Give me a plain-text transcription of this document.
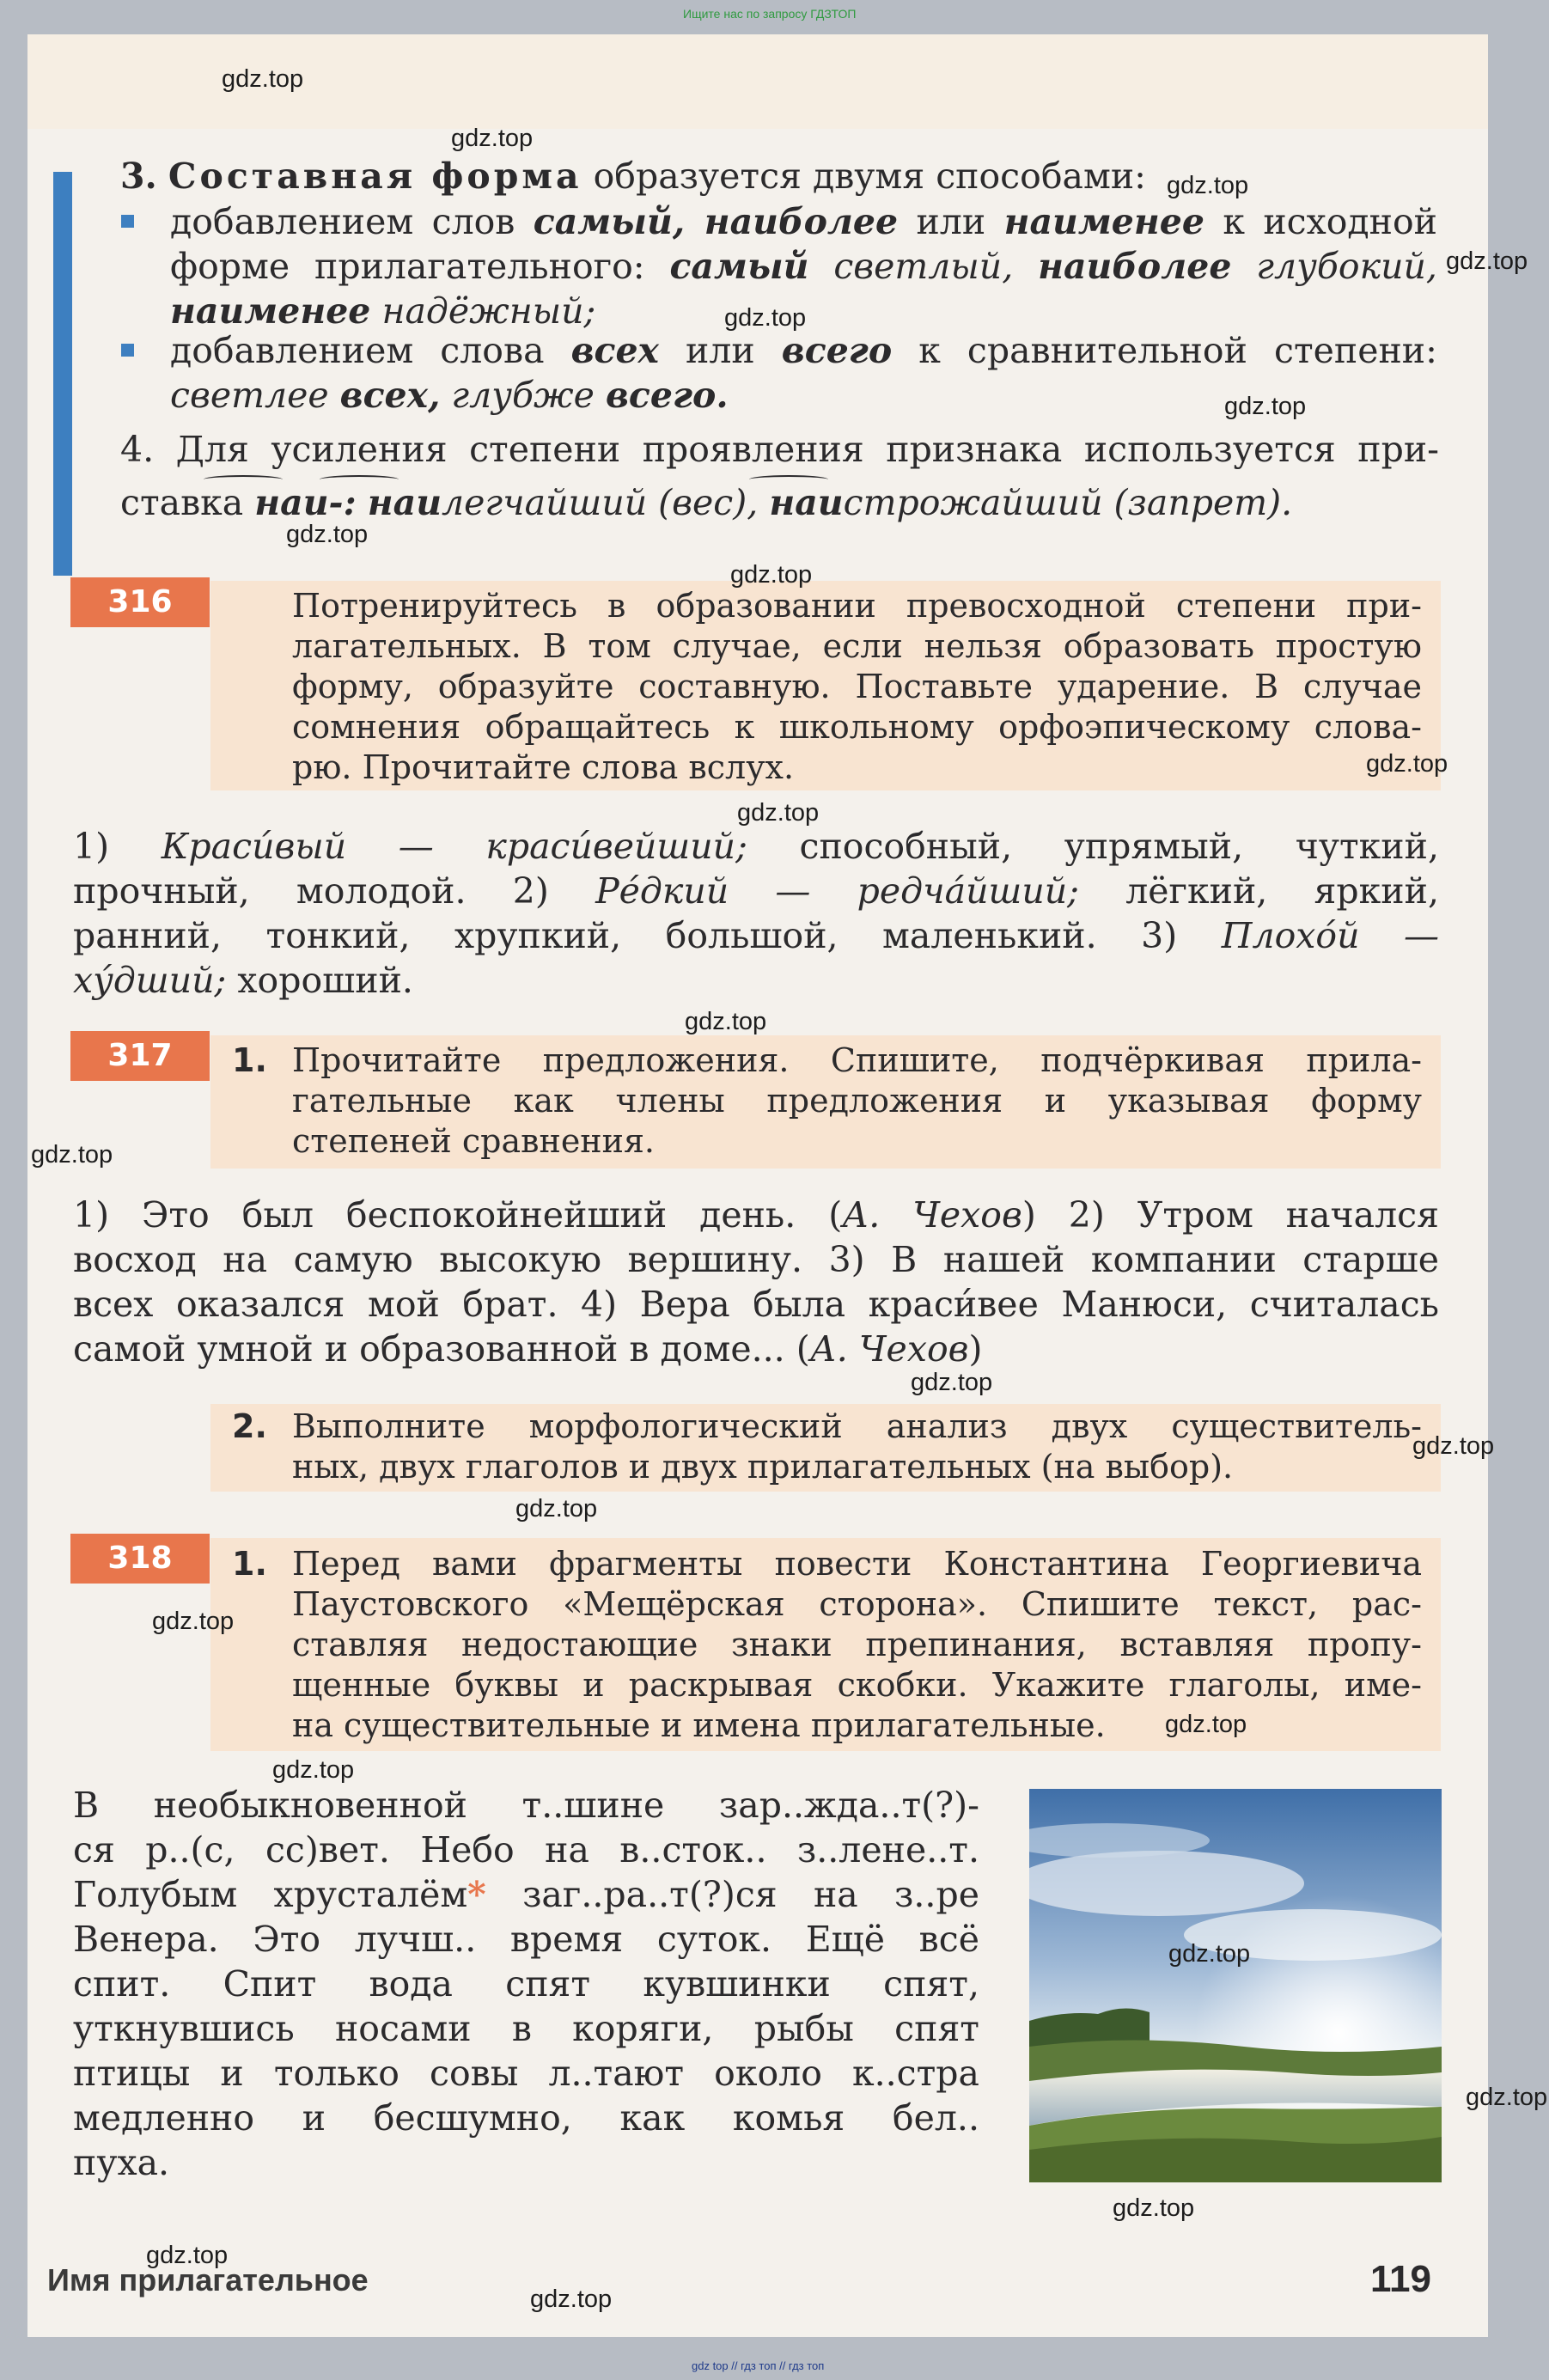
Ищите нас по запросу ГДЗТОП
3. Составная форма образуется двумя способами:
добавлением слов самый, наиболее или наименее к исходной
форме прилагательного: самый светлый, наиболее глубокий,
наименее надёжный;
добавлением слова всех или всего к сравнительной степени:
светлее всех, глубже всего.
4. Для усиления степени проявления признака используется при-
ставка наи-: наилегчайший (вес), наистрожайший (запрет).
316	Потренируйтесь в образовании превосходной степени при-
лагательных. В том случае, если нельзя образовать простую
форму, образуйте составную. Поставьте ударение. В случае
сомнения обращайтесь к школьному орфоэпическому слова-
рю. Прочитайте слова вслух.
1) Краси́вый — краси́вейший; способный, упрямый, чуткий,
прочный, молодой. 2) Ре́дкий — редча́йший; лёгкий, яркий,
ранний, тонкий, хрупкий, большой, маленький. 3) Плохо́й —
ху́дший; хороший.
317	1. Прочитайте предложения. Спишите, подчёркивая прила-
гательные как члены предложения и указывая форму
степеней сравнения.
1) Это был беспокойнейший день. (А. Чехов) 2) Утром начался
восход на самую высокую вершину. 3) В нашей компании старше
всех оказался мой брат. 4) Вера была краси́вее Манюси, считалась
самой умной и образованной в доме... (А. Чехов)
2. Выполните морфологический анализ двух существитель-
ных, двух глаголов и двух прилагательных (на выбор).
318	1. Перед вами фрагменты повести Константина Георгиевича
Паустовского «Мещёрская сторона». Спишите текст, рас-
ставляя недостающие знаки препинания, вставляя пропу-
щенные буквы и раскрывая скобки. Укажите глаголы, име-
на существительные и имена прилагательные.
В необыкновенной т..шине зар..жда..т(?)-
ся р..(с, сс)вет. Небо на в..сток.. з..лене..т.
Голубым хрусталём* заг..ра..т(?)ся на з..ре
Венера. Это лучш.. время суток. Ещё всё
спит. Спит вода спят кувшинки спят,
уткнувшись носами в коряги, рыбы спят
птицы и только совы л..тают около к..стра
медленно и бесшумно, как комья бел..
пуха.
Имя прилагательное	119
gdz top // гдз топ // гдз топ
gdz.top
gdz.top
gdz.top
gdz.top
gdz.top
gdz.top
gdz.top
gdz.top
gdz.top
gdz.top
gdz.top
gdz.top
gdz.top
gdz.top
gdz.top
gdz.top
gdz.top
gdz.top
gdz.top
gdz.top
gdz.top
gdz.top
gdz.top
